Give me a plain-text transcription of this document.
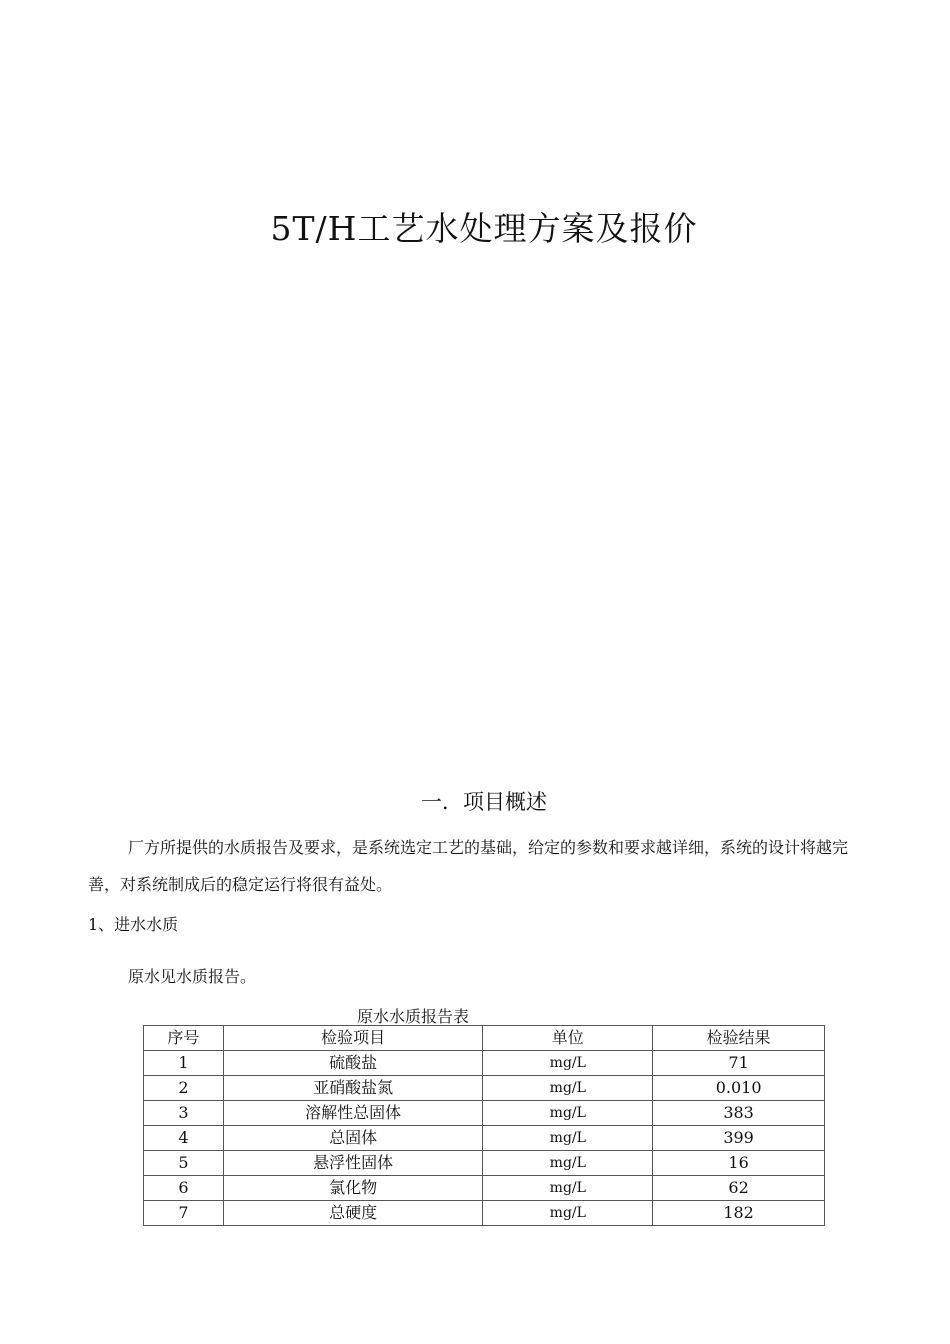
5T/H工艺水处理方案及报价
一．项目概述

厂方所提供的水质报告及要求，是系统选定工艺的基础，给定的参数和要求越详细，系统的设计将越完善，对系统制成后的稳定运行将很有益处。

1、进水水质

原水见水质报告。

原水水质报告表

序号	检验项目	单位	检验结果
1	硫酸盐	mg/L	71
2	亚硝酸盐氮	mg/L	0.010
3	溶解性总固体	mg/L	383
4	总固体	mg/L	399
5	悬浮性固体	mg/L	16
6	氯化物	mg/L	62
7	总硬度	mg/L	182
